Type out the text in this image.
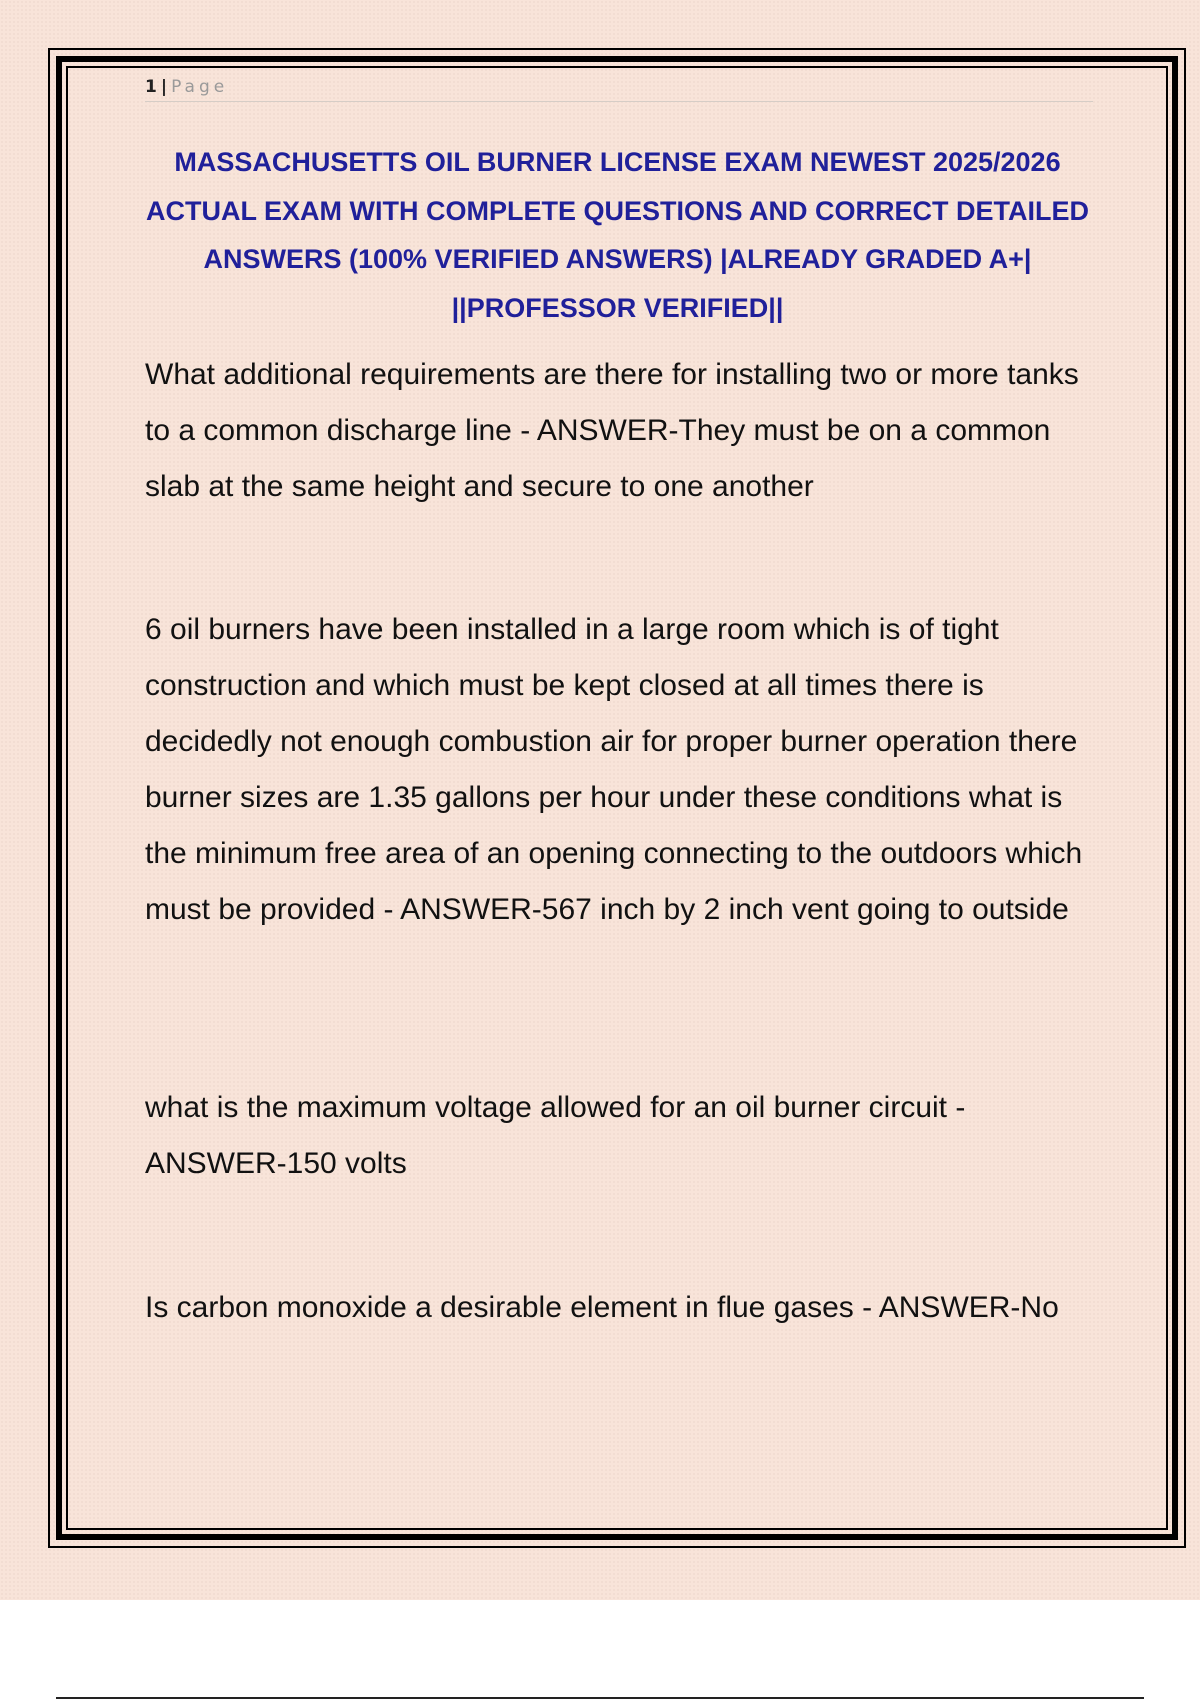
1 | Page
MASSACHUSETTS OIL BURNER LICENSE EXAM NEWEST 2025/2026 ACTUAL EXAM WITH COMPLETE QUESTIONS AND CORRECT DETAILED ANSWERS (100% VERIFIED ANSWERS) |ALREADY GRADED A+| ||PROFESSOR VERIFIED||

What additional requirements are there for installing two or more tanks to a common discharge line - ANSWER-They must be on a common slab at the same height and secure to one another

6 oil burners have been installed in a large room which is of tight construction and which must be kept closed at all times there is decidedly not enough combustion air for proper burner operation there burner sizes are 1.35 gallons per hour under these conditions what is the minimum free area of an opening connecting to the outdoors which must be provided - ANSWER-567 inch by 2 inch vent going to outside

what is the maximum voltage allowed for an oil burner circuit - ANSWER-150 volts

Is carbon monoxide a desirable element in flue gases - ANSWER-No
